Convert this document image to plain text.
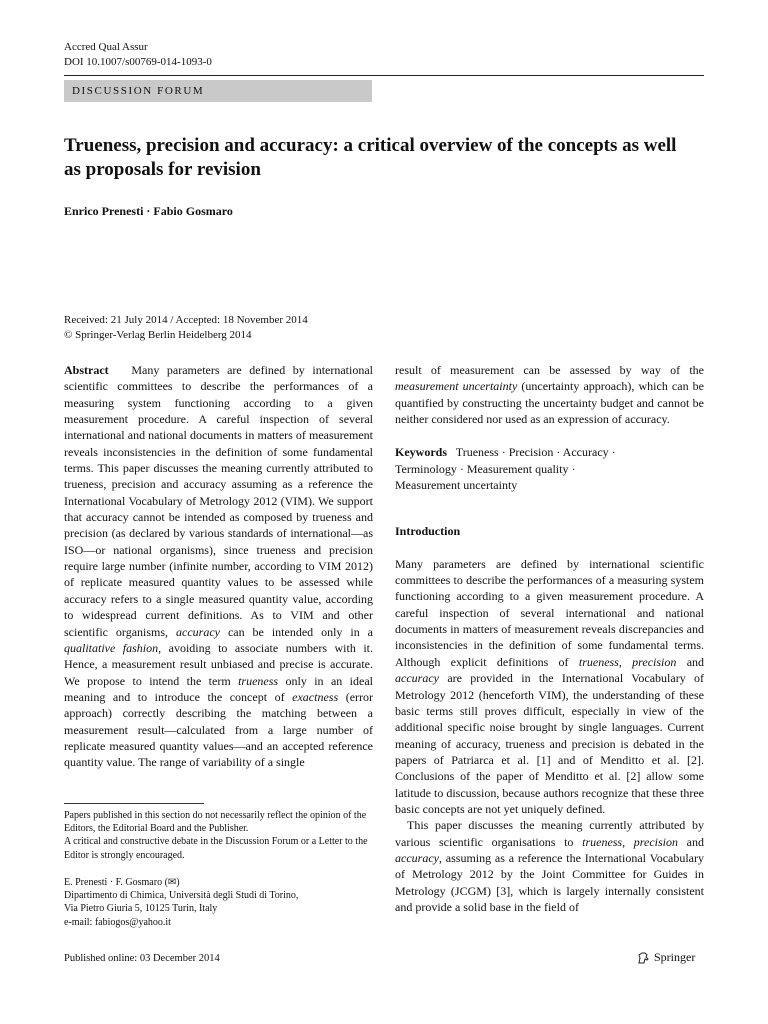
Accred Qual Assur
DOI 10.1007/s00769-014-1093-0
DISCUSSION FORUM
Trueness, precision and accuracy: a critical overview of the concepts as well as proposals for revision
Enrico Prenesti · Fabio Gosmaro
Received: 21 July 2014 / Accepted: 18 November 2014
© Springer-Verlag Berlin Heidelberg 2014

Abstract Many parameters are defined by international scientific committees to describe the performances of a measuring system functioning according to a given measurement procedure. A careful inspection of several international and national documents in matters of measurement reveals inconsistencies in the definition of some fundamental terms. This paper discusses the meaning currently attributed to trueness, precision and accuracy assuming as a reference the International Vocabulary of Metrology 2012 (VIM). We support that accuracy cannot be intended as composed by trueness and precision (as declared by various standards of international—as ISO—or national organisms), since trueness and precision require large number (infinite number, according to VIM 2012) of replicate measured quantity values to be assessed while accuracy refers to a single measured quantity value, according to widespread current definitions. As to VIM and other scientific organisms, accuracy can be intended only in a qualitative fashion, avoiding to associate numbers with it. Hence, a measurement result unbiased and precise is accurate. We propose to intend the term trueness only in an ideal meaning and to introduce the concept of exactness (error approach) correctly describing the matching between a measurement result—calculated from a large number of replicate measured quantity values—and an accepted reference quantity value. The range of variability of a single

result of measurement can be assessed by way of the measurement uncertainty (uncertainty approach), which can be quantified by constructing the uncertainty budget and cannot be neither considered nor used as an expression of accuracy.

Keywords Trueness · Precision · Accuracy ·
Terminology · Measurement quality ·
Measurement uncertainty

Introduction

Many parameters are defined by international scientific committees to describe the performances of a measuring system functioning according to a given measurement procedure. A careful inspection of several international and national documents in matters of measurement reveals discrepancies and inconsistencies in the definition of some fundamental terms. Although explicit definitions of trueness, precision and accuracy are provided in the International Vocabulary of Metrology 2012 (henceforth VIM), the understanding of these basic terms still proves difficult, especially in view of the additional specific noise brought by single languages. Current meaning of accuracy, trueness and precision is debated in the papers of Patriarca et al. [1] and of Menditto et al. [2]. Conclusions of the paper of Menditto et al. [2] allow some latitude to discussion, because authors recognize that these three basic concepts are not yet uniquely defined.

This paper discusses the meaning currently attributed by various scientific organisations to trueness, precision and accuracy, assuming as a reference the International Vocabulary of Metrology 2012 by the Joint Committee for Guides in Metrology (JCGM) [3], which is largely internally consistent and provide a solid base in the field of

Papers published in this section do not necessarily reflect the opinion of the Editors, the Editorial Board and the Publisher.
A critical and constructive debate in the Discussion Forum or a Letter to the Editor is strongly encouraged.
E. Prenesti · F. Gosmaro (✉)
Dipartimento di Chimica, Università degli Studi di Torino,
Via Pietro Giuria 5, 10125 Turin, Italy
e-mail: fabiogos@yahoo.it
Published online: 03 December 2014	Springer
